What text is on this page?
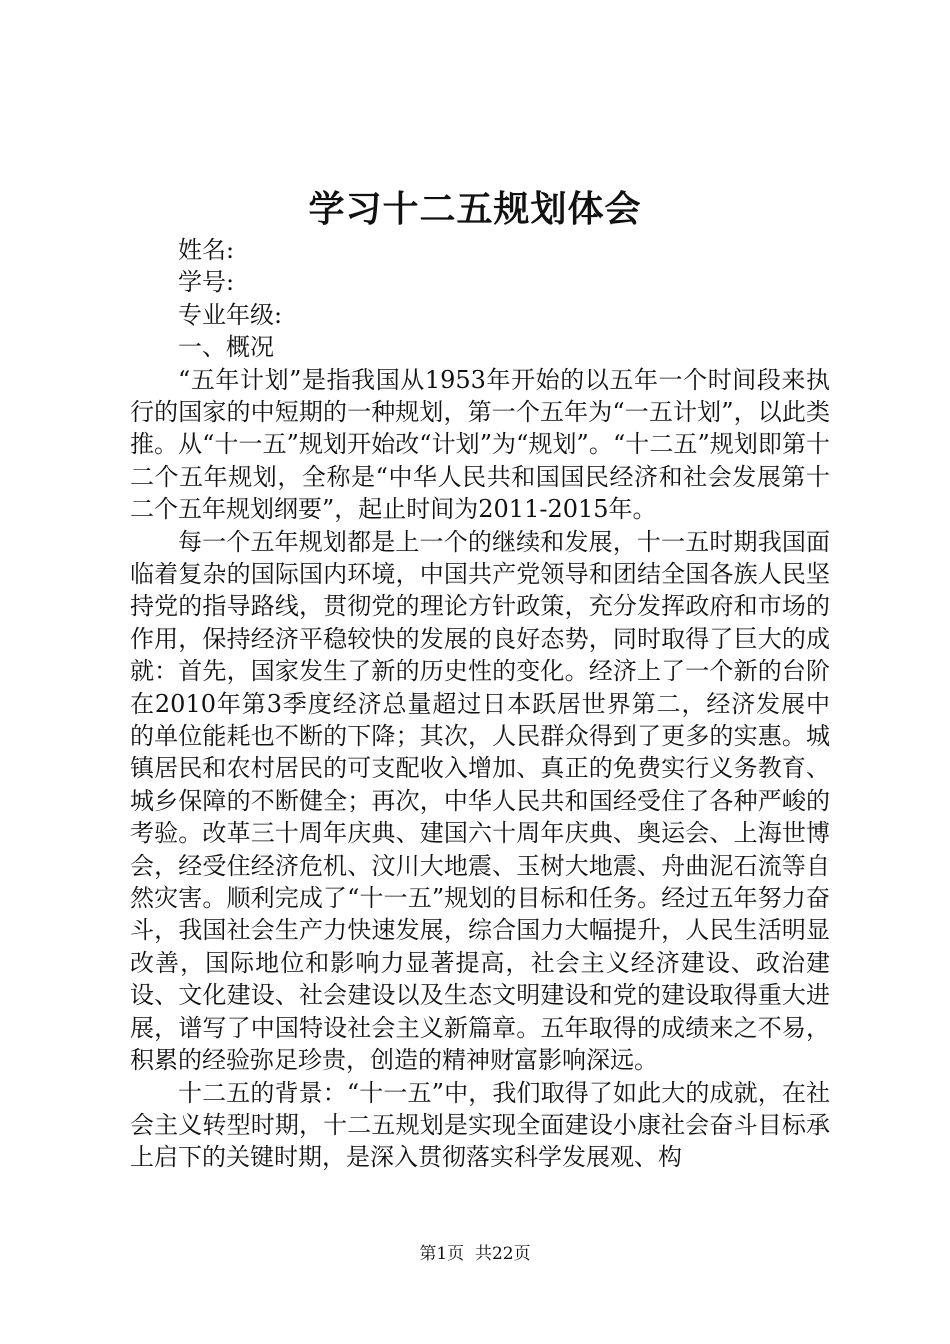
学习十二五规划体会

姓名:

学号:

专业年级:

一、概况

“五年计划”是指我国从1953年开始的以五年一个时间段来执行的国家的中短期的一种规划，第一个五年为“一五计划”，以此类推。从“十一五”规划开始改“计划”为“规划”。“十二五”规划即第十二个五年规划，全称是“中华人民共和国国民经济和社会发展第十二个五年规划纲要”，起止时间为2011-2015年。

每一个五年规划都是上一个的继续和发展，十一五时期我国面临着复杂的国际国内环境，中国共产党领导和团结全国各族人民坚持党的指导路线，贯彻党的理论方针政策，充分发挥政府和市场的作用，保持经济平稳较快的发展的良好态势，同时取得了巨大的成就：首先，国家发生了新的历史性的变化。经济上了一个新的台阶在2010年第3季度经济总量超过日本跃居世界第二，经济发展中的单位能耗也不断的下降；其次，人民群众得到了更多的实惠。城镇居民和农村居民的可支配收入增加、真正的免费实行义务教育、城乡保障的不断健全；再次，中华人民共和国经受住了各种严峻的考验。改革三十周年庆典、建国六十周年庆典、奥运会、上海世博会，经受住经济危机、汶川大地震、玉树大地震、舟曲泥石流等自然灾害。顺利完成了“十一五”规划的目标和任务。经过五年努力奋斗，我国社会生产力快速发展，综合国力大幅提升，人民生活明显改善，国际地位和影响力显著提高，社会主义经济建设、政治建设、文化建设、社会建设以及生态文明建设和党的建设取得重大进展，谱写了中国特设社会主义新篇章。五年取得的成绩来之不易，积累的经验弥足珍贵，创造的精神财富影响深远。

十二五的背景：“十一五”中，我们取得了如此大的成就，在社会主义转型时期，十二五规划是实现全面建设小康社会奋斗目标承上启下的关键时期，是深入贯彻落实科学发展观、构

第1页  共22页
